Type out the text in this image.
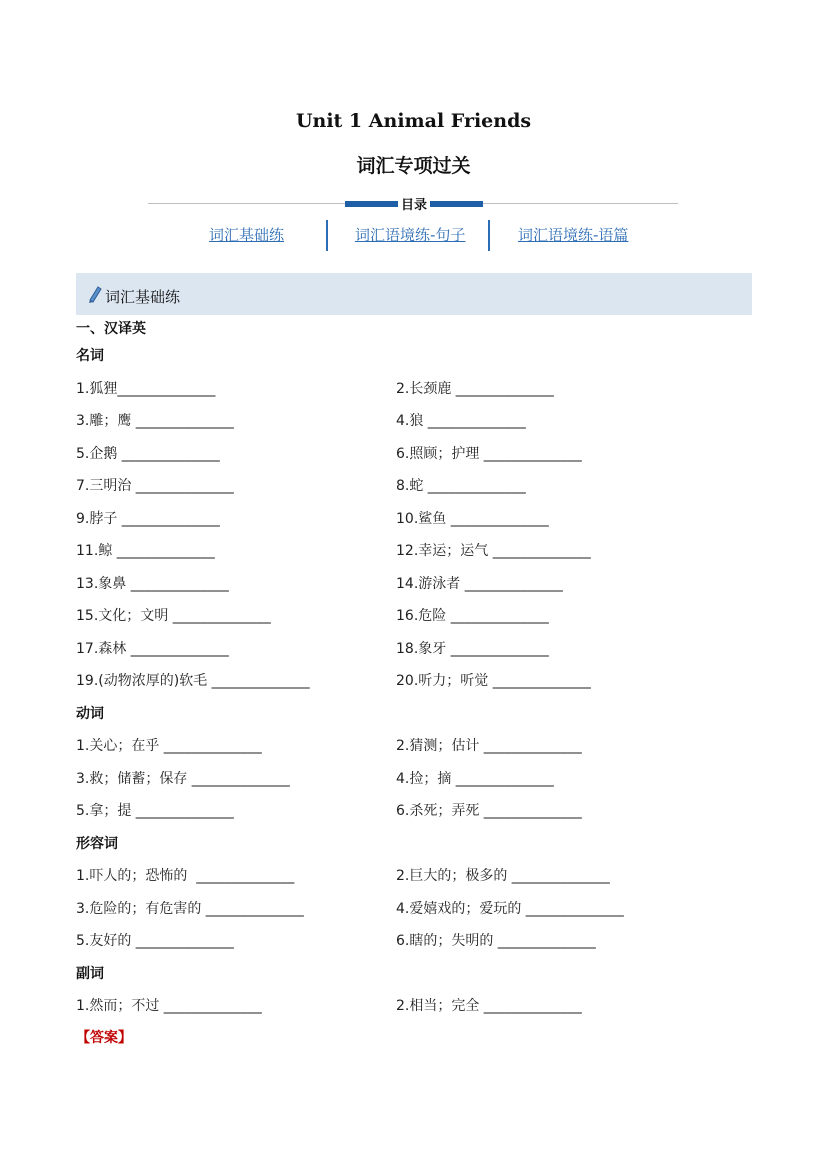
Unit 1 Animal Friends
词汇专项过关
目录
词汇基础练	词汇语境练-句子	词汇语境练-语篇
词汇基础练
一、汉译英
名词
1.狐狸______________	2.长颈鹿 ______________
3.雕；鹰 ______________	4.狼 ______________
5.企鹅 ______________	6.照顾；护理 ______________
7.三明治 ______________	8.蛇 ______________
9.脖子 ______________	10.鲨鱼 ______________
11.鲸 ______________	12.幸运；运气 ______________
13.象鼻 ______________	14.游泳者 ______________
15.文化；文明 ______________	16.危险 ______________
17.森林 ______________	18.象牙 ______________
19.(动物浓厚的)软毛 ______________	20.听力；听觉 ______________
动词
1.关心；在乎 ______________	2.猜测；估计 ______________
3.救；储蓄；保存 ______________	4.捡；摘 ______________
5.拿；提 ______________	6.杀死；弄死 ______________
形容词
1.吓人的；恐怖的  ______________	2.巨大的；极多的 ______________
3.危险的；有危害的 ______________	4.爱嬉戏的；爱玩的 ______________
5.友好的 ______________	6.瞎的；失明的 ______________
副词
1.然而；不过 ______________	2.相当；完全 ______________
【答案】
